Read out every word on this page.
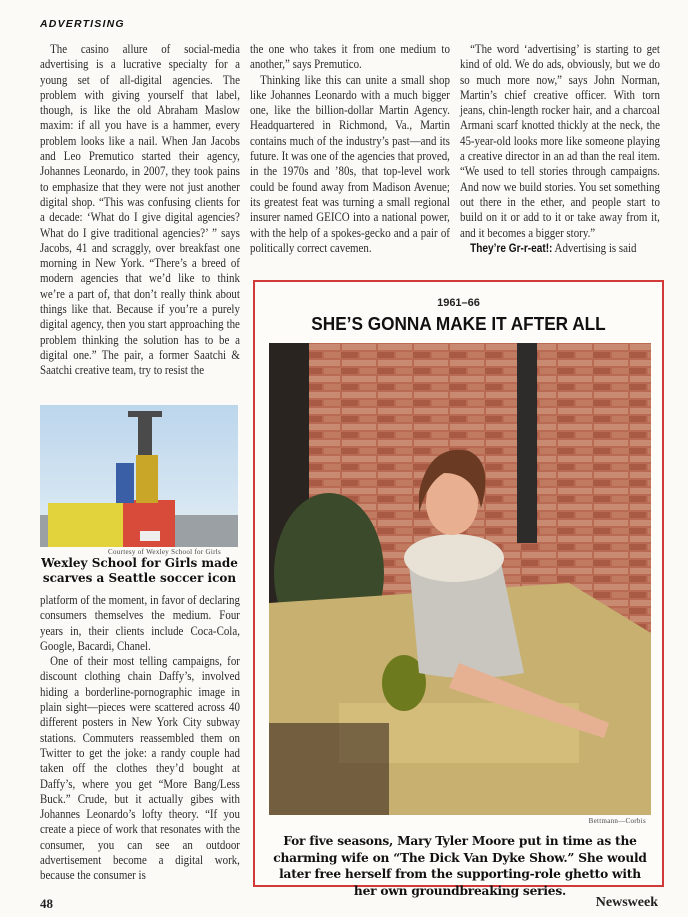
ADVERTISING

The casino allure of social-media advertising is a lucrative specialty for a young set of all-digital agencies. The problem with giving yourself that label, though, is like the old Abraham Maslow maxim: if all you have is a hammer, every problem looks like a nail. When Jan Jacobs and Leo Premutico started their agency, Johannes Leonardo, in 2007, they took pains to emphasize that they were not just another digital shop. “This was confusing clients for a decade: ‘What do I give digital agencies? What do I give traditional agencies?’ ” says Jacobs, 41 and scraggly, over breakfast one morning in New York. “There’s a breed of modern agencies that we’d like to think we’re a part of, that don’t really think about things like that. Because if you’re a purely digital agency, then you start approaching the problem thinking the solution has to be a digital one.” The pair, a former Saatchi & Saatchi creative team, try to resist the

Courtesy of Wexley School for Girls
Wexley School for Girls made scarves a Seattle soccer icon

platform of the moment, in favor of declaring consumers themselves the medium. Four years in, their clients include Coca-Cola, Google, Bacardi, Chanel.

One of their most telling campaigns, for discount clothing chain Daffy’s, involved hiding a borderline-pornographic image in plain sight—pieces were scattered across 40 different posters in New York City subway stations. Commuters reassembled them on Twitter to get the joke: a randy couple had taken off the clothes they’d bought at Daffy’s, where you get “More Bang/Less Buck.” Crude, but it actually gibes with Johannes Leonardo’s lofty theory. “If you create a piece of work that resonates with the consumer, you can see an outdoor advertisement become a digital work, because the consumer is

the one who takes it from one medium to another,” says Premutico.

Thinking like this can unite a small shop like Johannes Leonardo with a much bigger one, like the billion-dollar Martin Agency. Headquartered in Richmond, Va., Martin contains much of the industry’s past—and its future. It was one of the agencies that proved, in the 1970s and ’80s, that top-level work could be found away from Madison Avenue; its greatest feat was turning a small regional insurer named GEICO into a national power, with the help of a spokes-gecko and a pair of politically correct cavemen.

“The word ‘advertising’ is starting to get kind of old. We do ads, obviously, but we do so much more now,” says John Norman, Martin’s chief creative officer. With torn jeans, chin-length rocker hair, and a charcoal Armani scarf knotted thickly at the neck, the 45-year-old looks more like someone playing a creative director in an ad than the real item. “We used to tell stories through campaigns. And now we build stories. You set something out there in the ether, and people start to build on it or add to it or take away from it, and it becomes a bigger story.”

They’re Gr-r-eat!: Advertising is said

1961–66
SHE’S GONNA MAKE IT AFTER ALL
Bettmann—Corbis
For five seasons, Mary Tyler Moore put in time as the charming wife on “The Dick Van Dyke Show.” She would later free herself from the supporting-role ghetto with her own groundbreaking series.
48	Newsweek
